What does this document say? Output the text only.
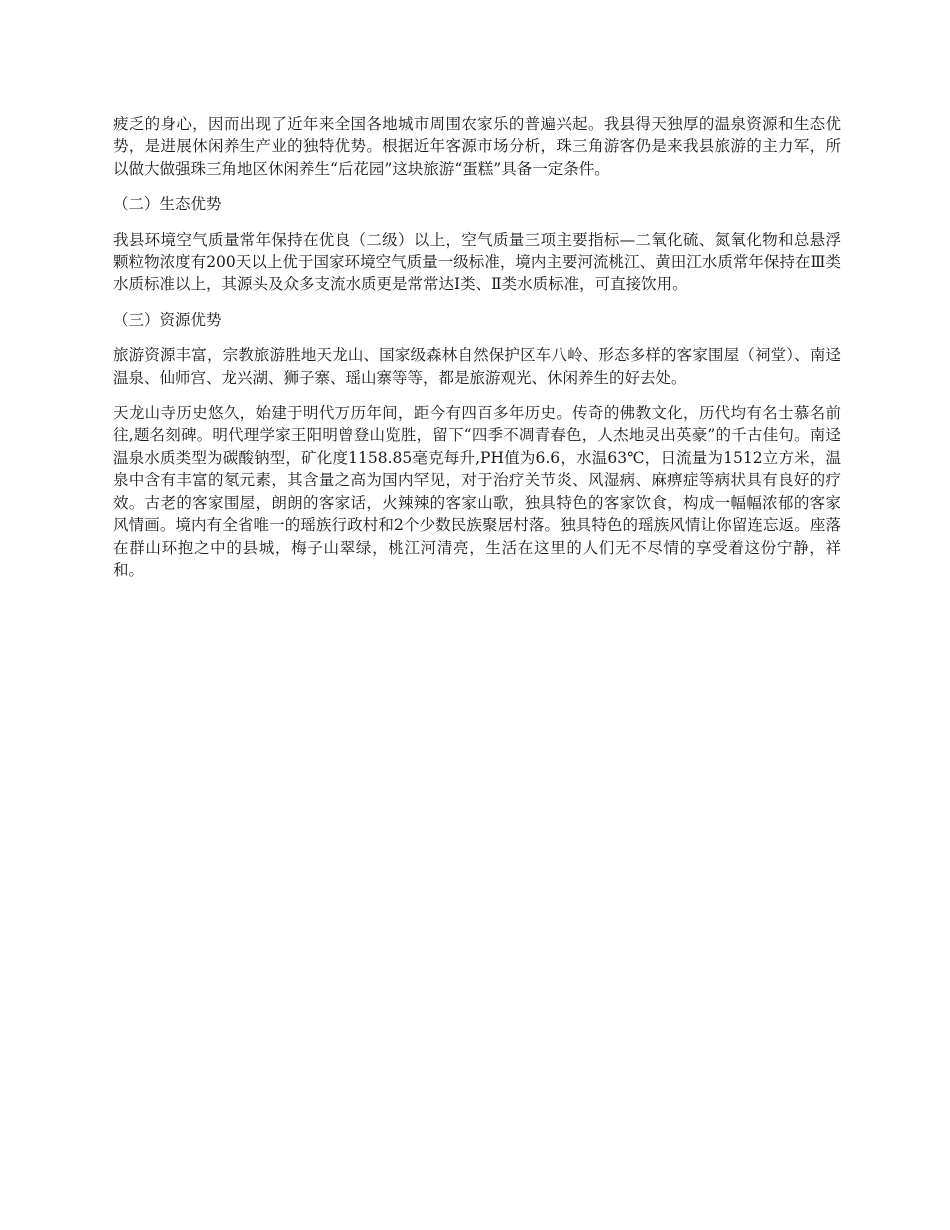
疲乏的身心，因而出现了近年来全国各地城市周围农家乐的普遍兴起。我县得天独厚的温泉资源和生态优势，是进展休闲养生产业的独特优势。根据近年客源市场分析，珠三角游客仍是来我县旅游的主力军，所以做大做强珠三角地区休闲养生“后花园”这块旅游“蛋糕”具备一定条件。

（二）生态优势

我县环境空气质量常年保持在优良（二级）以上，空气质量三项主要指标—二氧化硫、氮氧化物和总悬浮颗粒物浓度有200天以上优于国家环境空气质量一级标准，境内主要河流桃江、黄田江水质常年保持在Ⅲ类水质标准以上，其源头及众多支流水质更是常常达Ⅰ类、Ⅱ类水质标准，可直接饮用。

（三）资源优势

旅游资源丰富，宗教旅游胜地天龙山、国家级森林自然保护区车八岭、形态多样的客家围屋（祠堂）、南迳温泉、仙师宫、龙兴湖、狮子寨、瑶山寨等等，都是旅游观光、休闲养生的好去处。

天龙山寺历史悠久，始建于明代万历年间，距今有四百多年历史。传奇的佛教文化，历代均有名士慕名前往,题名刻碑。明代理学家王阳明曾登山览胜，留下“四季不凋青春色，人杰地灵出英豪”的千古佳句。南迳温泉水质类型为碳酸钠型，矿化度1158.85毫克每升,PH值为6.6，水温63℃，日流量为1512立方米，温泉中含有丰富的氡元素，其含量之高为国内罕见，对于治疗关节炎、风湿病、麻痹症等病状具有良好的疗效。古老的客家围屋，朗朗的客家话，火辣辣的客家山歌，独具特色的客家饮食，构成一幅幅浓郁的客家风情画。境内有全省唯一的瑶族行政村和2个少数民族聚居村落。独具特色的瑶族风情让你留连忘返。座落在群山环抱之中的县城，梅子山翠绿，桃江河清亮，生活在这里的人们无不尽情的享受着这份宁静，祥和。
